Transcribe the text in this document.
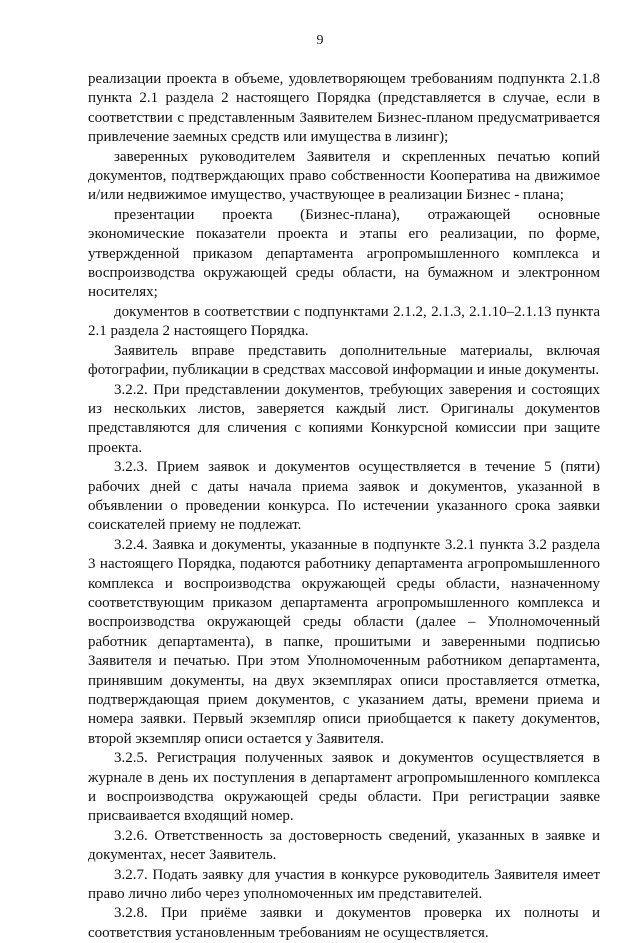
9

реализации проекта в объеме, удовлетворяющем требованиям подпункта 2.1.8 пункта 2.1 раздела 2 настоящего Порядка (представляется в случае, если в соответствии с представленным Заявителем Бизнес-планом предусматривается привлечение заемных средств или имущества в лизинг);

заверенных руководителем Заявителя и скрепленных печатью копий документов, подтверждающих право собственности Кооператива на движимое и/или недвижимое имущество, участвующее в реализации Бизнес - плана;

презентации проекта (Бизнес-плана), отражающей основные экономические показатели проекта и этапы его реализации, по форме, утвержденной приказом департамента агропромышленного комплекса и воспроизводства окружающей среды области, на бумажном и электронном носителях;

документов в соответствии с подпунктами 2.1.2, 2.1.3, 2.1.10–2.1.13 пункта 2.1 раздела 2 настоящего Порядка.

Заявитель вправе представить дополнительные материалы, включая фотографии, публикации в средствах массовой информации и иные документы.

3.2.2. При представлении документов, требующих заверения и состоящих из нескольких листов, заверяется каждый лист. Оригиналы документов представляются для сличения с копиями Конкурсной комиссии при защите проекта.

3.2.3. Прием заявок и документов осуществляется в течение 5 (пяти) рабочих дней с даты начала приема заявок и документов, указанной в объявлении о проведении конкурса. По истечении указанного срока заявки соискателей приему не подлежат.

3.2.4. Заявка и документы, указанные в подпункте 3.2.1 пункта 3.2 раздела 3 настоящего Порядка, подаются работнику департамента агропромышленного комплекса и воспроизводства окружающей среды области, назначенному соответствующим приказом департамента агропромышленного комплекса и воспроизводства окружающей среды области (далее – Уполномоченный работник департамента), в папке, прошитыми и заверенными подписью Заявителя и печатью. При этом Уполномоченным работником департамента, принявшим документы, на двух экземплярах описи проставляется отметка, подтверждающая прием документов, с указанием даты, времени приема и номера заявки. Первый экземпляр описи приобщается к пакету документов, второй экземпляр описи остается у Заявителя.

3.2.5. Регистрация полученных заявок и документов осуществляется в журнале в день их поступления в департамент агропромышленного комплекса и воспроизводства окружающей среды области. При регистрации заявке присваивается входящий номер.

3.2.6. Ответственность за достоверность сведений, указанных в заявке и документах, несет Заявитель.

3.2.7. Подать заявку для участия в конкурсе руководитель Заявителя имеет право лично либо через уполномоченных им представителей.

3.2.8. При приёме заявки и документов проверка их полноты и соответствия установленным требованиям не осуществляется.
